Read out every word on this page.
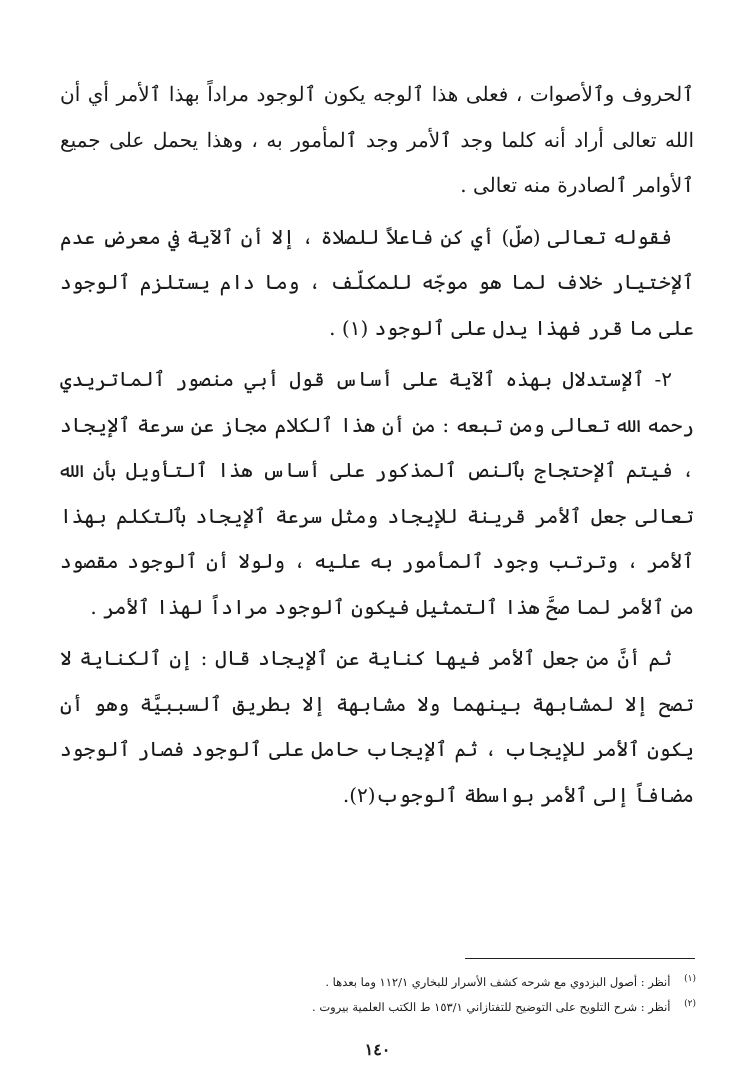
ٱلحروف وٱلأصوات ، فعلى هذا ٱلوجه يكون ٱلوجود مراداً بهذا ٱلأمر أي أن الله تعالى أراد أنه كلما وجد ٱلأمر وجد ٱلمأمور به ، وهذا يحمل على جميع ٱلأوامر ٱلصادرة منه تعالى .

فقوله تعالى (صلّ) أي كن فاعلاً للصلاة ، إلا أن ٱلآية في معرضِ عدم ٱلإختيار خلاف لما هو موجّه للمكلّف ، وما دام يستلزم ٱلوجود على ما قرر فهذا يدل على ٱلوجود (١) .

٢- ٱلإستدلال بهذه ٱلآية على أساس قول أبي منصور ٱلماتريدي رحمه الله تعالى ومن تبعه : من أن هذا ٱلكلام مجاز عن سرعة ٱلإيجاد ، فيتم ٱلإحتجاج بٱلنص ٱلمذكور على أساس هذا ٱلتأويل بأن الله تعالى جعل ٱلأمر قرينة للإيجاد ومثل سرعة ٱلإيجاد بٱلتكلم بهذا ٱلأمر ، وترتب وجود ٱلمأمور به عليه ، ولولا أن ٱلوجود مقصود من ٱلأمر لما صحَّ هذا ٱلتمثيل فيكون ٱلوجود مراداً لهذا ٱلأمر .

ثم أنَّ من جعل ٱلأمر فيها كناية عن ٱلإيجاد قال : إن ٱلكناية لا تصح إلا لمشابهة بينهما ولا مشابهة إلا بطريق ٱلسببيَّة وهو أن يكون ٱلأمر للإيجاب ، ثم ٱلإيجاب حامل على ٱلوجود فصار ٱلوجود مضافاً إلى ٱلأمر بواسطة ٱلوجوب(٢).

$^{(١)}$ أنظر : أصول البزدوي مع شرحه كشف الأسرار للبخاري ١١٢/١ وما بعدها .

$^{(٢)}$ أنظر : شرح التلويح على التوضيح للتفتازاني ١٥٣/١ ط الكتب العلمية بيروت .

١٤٠
